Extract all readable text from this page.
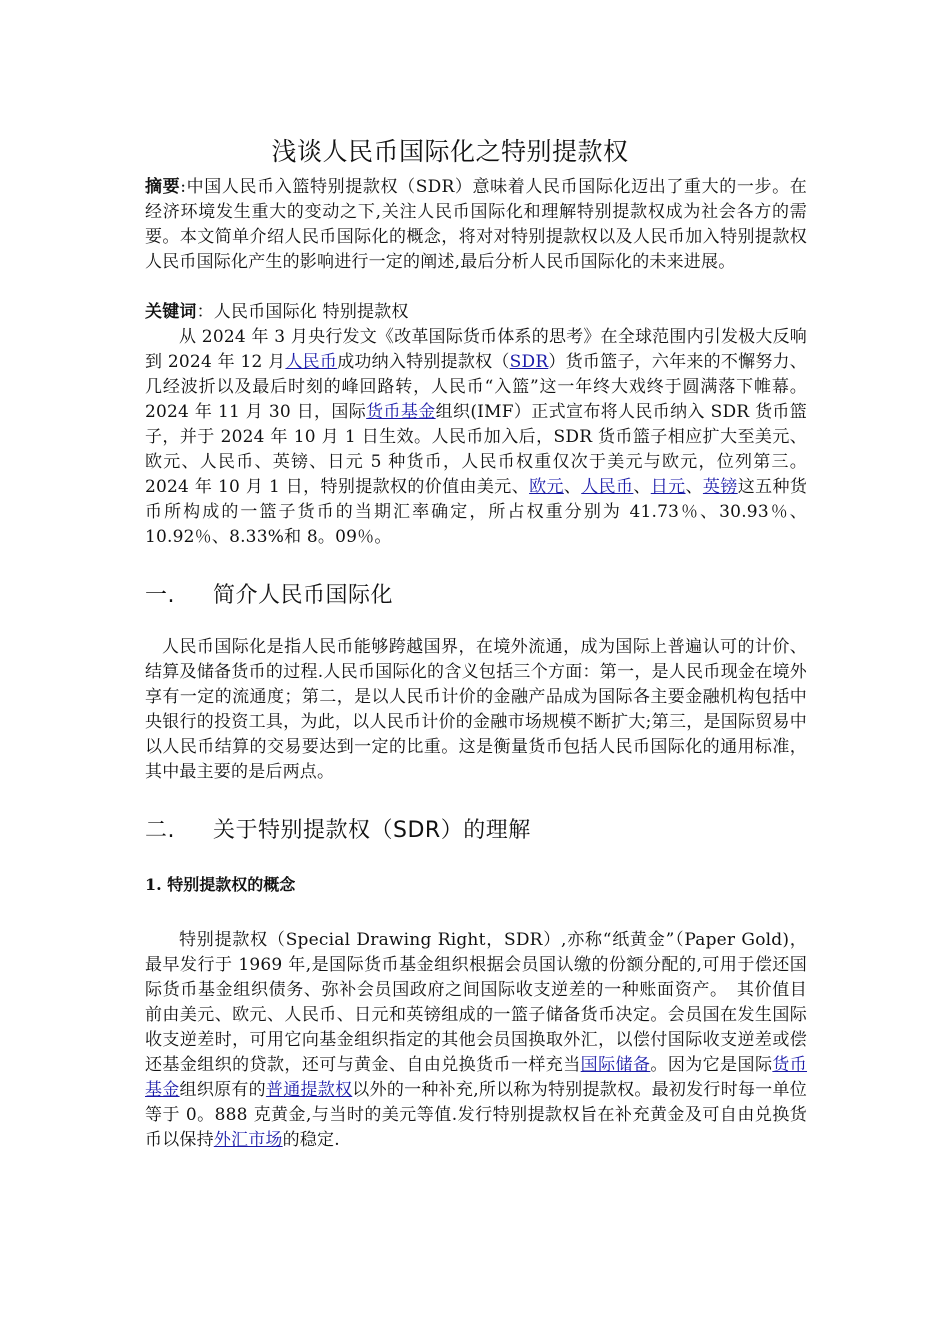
浅谈人民币国际化之特别提款权
摘要:中国人民币入篮特别提款权（SDR）意味着人民币国际化迈出了重大的一步。在经济环境发生重大的变动之下,关注人民币国际化和理解特别提款权成为社会各方的需要。本文简单介绍人民币国际化的概念，将对对特别提款权以及人民币加入特别提款权人民币国际化产生的影响进行一定的阐述,最后分析人民币国际化的未来进展。
关键词：人民币国际化 特别提款权
从 2024 年 3 月央行发文《改革国际货币体系的思考》在全球范围内引发极大反响到 2024 年 12 月人民币成功纳入特别提款权（SDR）货币篮子，六年来的不懈努力、几经波折以及最后时刻的峰回路转，人民币“入篮”这一年终大戏终于圆满落下帷幕。2024 年 11 月 30 日，国际货币基金组织(IMF）正式宣布将人民币纳入 SDR 货币篮子，并于 2024 年 10 月 1 日生效。人民币加入后，SDR 货币篮子相应扩大至美元、欧元、人民币、英镑、日元 5 种货币，人民币权重仅次于美元与欧元，位列第三。2024 年 10 月 1 日，特别提款权的价值由美元、欧元、人民币、日元、英镑这五种货币所构成的一篮子货币的当期汇率确定，所占权重分别为 41.73％、30.93％、10.92％、8.33%和 8。09％。
一. 简介人民币国际化
人民币国际化是指人民币能够跨越国界，在境外流通，成为国际上普遍认可的计价、结算及储备货币的过程.人民币国际化的含义包括三个方面：第一，是人民币现金在境外享有一定的流通度；第二，是以人民币计价的金融产品成为国际各主要金融机构包括中央银行的投资工具，为此，以人民币计价的金融市场规模不断扩大;第三，是国际贸易中以人民币结算的交易要达到一定的比重。这是衡量货币包括人民币国际化的通用标准，其中最主要的是后两点。
二. 关于特别提款权（SDR）的理解
1. 特别提款权的概念
特别提款权（Special Drawing Right，SDR）,亦称“纸黄金”（Paper Gold)，最早发行于 1969 年,是国际货币基金组织根据会员国认缴的份额分配的,可用于偿还国际货币基金组织债务、弥补会员国政府之间国际收支逆差的一种账面资产。　其价值目前由美元、欧元、人民币、日元和英镑组成的一篮子储备货币决定。会员国在发生国际收支逆差时，可用它向基金组织指定的其他会员国换取外汇，以偿付国际收支逆差或偿还基金组织的贷款，还可与黄金、自由兑换货币一样充当国际储备。因为它是国际货币基金组织原有的普通提款权以外的一种补充,所以称为特别提款权。最初发行时每一单位等于 0。888 克黄金,与当时的美元等值.发行特别提款权旨在补充黄金及可自由兑换货币以保持外汇市场的稳定.
